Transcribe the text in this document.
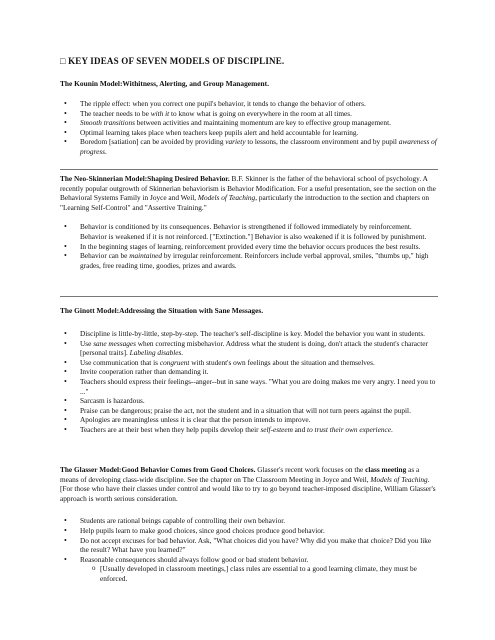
□ KEY IDEAS OF SEVEN MODELS OF DISCIPLINE.
The Kounin Model:Withitness, Alerting, and Group Management.
• The ripple effect: when you correct one pupil's behavior, it tends to change the behavior of others.
• The teacher needs to be with it to know what is going on everywhere in the room at all times.
• Smooth transitions between activities and maintaining momentum are key to effective group management.
• Optimal learning takes place when teachers keep pupils alert and held accountable for learning.
• Boredom [satiation] can be avoided by providing variety to lessons, the classroom environment and by pupil awareness of progress.

The Neo-Skinnerian Model:Shaping Desired Behavior. B.F. Skinner is the father of the behavioral school of psychology. A recently popular outgrowth of Skinnerian behaviorism is Behavior Modification. For a useful presentation, see the section on the Behavioral Systems Family in Joyce and Weil, Models of Teaching, particularly the introduction to the section and chapters on "Learning Self-Control" and "Assertive Training."

• Behavior is conditioned by its consequences. Behavior is strengthened if followed immediately by reinforcement. Behavior is weakened if it is not reinforced. ["Extinction."] Behavior is also weakened if it is followed by punishment.
• In the beginning stages of learning, reinforcement provided every time the behavior occurs produces the best results.
• Behavior can be maintained by irregular reinforcement. Reinforcers include verbal approval, smiles, "thumbs up," high grades, free reading time, goodies, prizes and awards.
The Ginott Model:Addressing the Situation with Sane Messages.
• Discipline is little-by-little, step-by-step. The teacher's self-discipline is key. Model the behavior you want in students.
• Use sane messages when correcting misbehavior. Address what the student is doing, don't attack the student's character [personal traits]. Labeling disables.
• Use communication that is congruent with student's own feelings about the situation and themselves.
• Invite cooperation rather than demanding it.
• Teachers should express their feelings--anger--but in sane ways. "What you are doing makes me very angry. I need you to ..."
• Sarcasm is hazardous.
• Praise can be dangerous; praise the act, not the student and in a situation that will not turn peers against the pupil.
• Apologies are meaningless unless it is clear that the person intends to improve.
• Teachers are at their best when they help pupils develop their self-esteem and to trust their own experience.

The Glasser Model:Good Behavior Comes from Good Choices. Glasser's recent work focuses on the class meeting as a means of developing class-wide discipline. See the chapter on The Classroom Meeting in Joyce and Weil, Models of Teaching. [For those who have their classes under control and would like to try to go beyond teacher-imposed discipline, William Glasser's approach is worth serious consideration.

• Students are rational beings capable of controlling their own behavior.
• Help pupils learn to make good choices, since good choices produce good behavior.
• Do not accept excuses for bad behavior. Ask, "What choices did you have? Why did you make that choice? Did you like the result? What have you learned?"
• Reasonable consequences should always follow good or bad student behavior.
o [Usually developed in classroom meetings,] class rules are essential to a good learning climate, they must be enforced.
